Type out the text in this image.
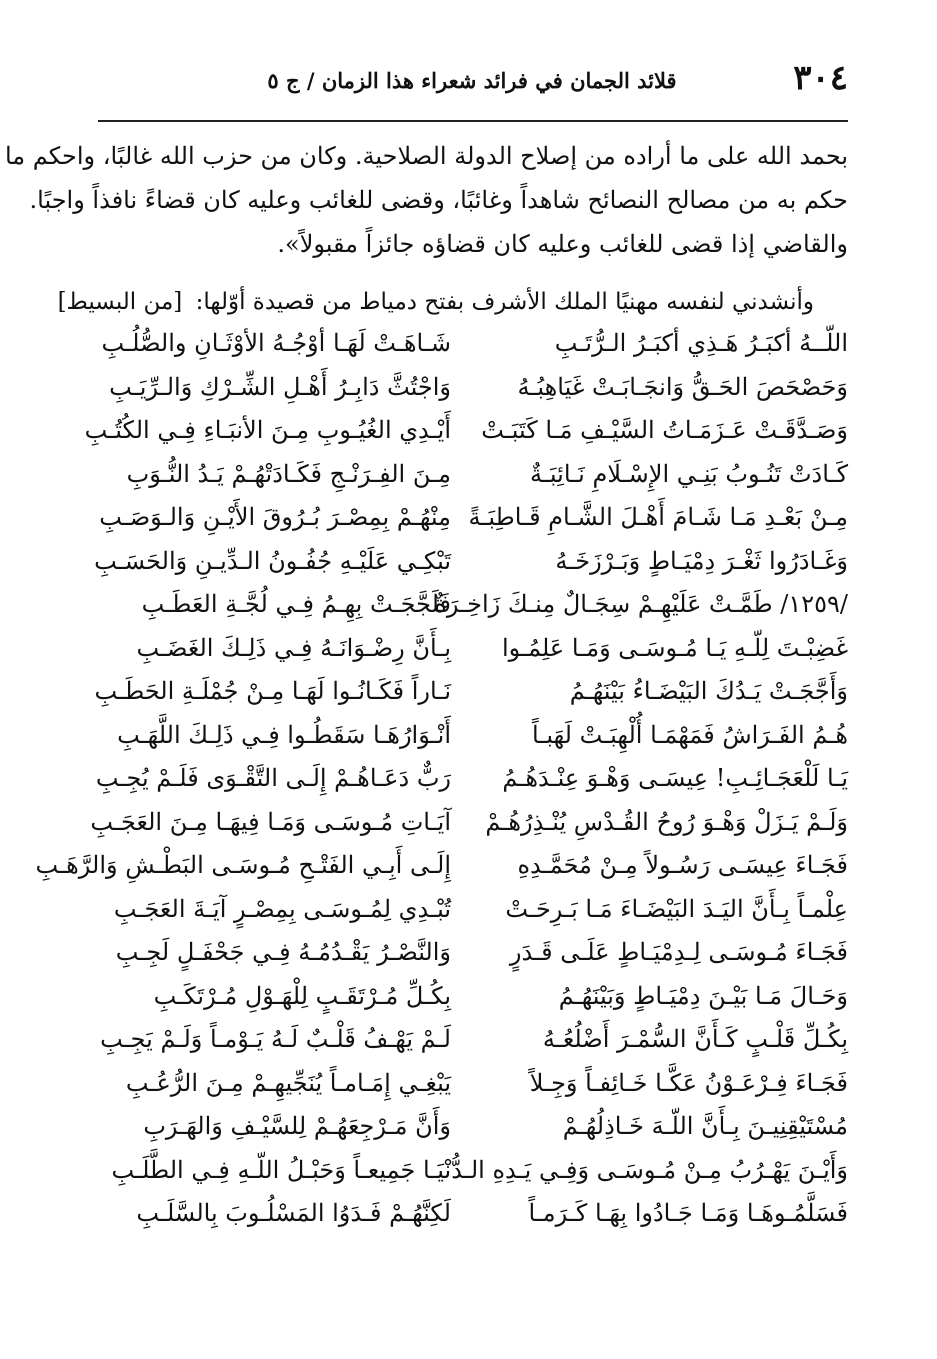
٣٠٤
قلائد الجمان في فرائد شعراء هذا الزمان / ج ٥
بحمد الله على ما أراده من إصلاح الدولة الصلاحية. وكان من حزب الله غالبًا، واحكم ما
حكم به من مصالح النصائح شاهداً وغائبًا، وقضى للغائب وعليه كان قضاءً نافذاً واجبًا.
والقاضي إذا قضى للغائب وعليه كان قضاؤه جائزاً مقبولاً».
وأنشدني لنفسه مهنيًا الملك الأشرف بفتح دمياط من قصيدة أوّلها: [من البسيط]
اللّــهُ أكبَـرُ هَـذِي أكبَـرُ الـرُّتَـبِ
شَـاهَـتْ لَهَـا أوْجُـهُ الأوْثَـانِ والصُّلُـبِ
وَحَصْحَصَ الحَـقُّ وَانجَـابَـتْ غَيَاهِبُـهُ
وَاجْتُثَّ دَابِـرُ أَهْـلِ الشِّـرْكِ وَالـرِّيَـبِ
وَصَـدَّقَـتْ عَـزَمَـاتُ السَّيْـفِ مَـا كَتَبَـتْ
أَيْـدِي الغُيُـوبِ مِـنَ الأنبَـاءِ فِـي الكُتُـبِ
كَـادَتْ تَنُـوبُ بَنِـي الإِسْـلَامِ نَـائِبَـةٌ
مِـنَ الفِـرَنْـجِ فَكَـادَتْهُـمْ يَـدُ النُّـوَبِ
مِـنْ بَعْـدِ مَـا شَـامَ أَهْـلَ الشَّـامِ قَـاطِبَـةً
مِنْهُـمْ بِمِصْـرَ بُـرُوقَ الأَيْـنِ وَالـوَصَـبِ
وَغَـادَرُوا ثَغْـرَ دِمْيَـاطٍ وَبَـرْزَخَـهُ
تَبْكِـي عَلَيْـهِ جُفُـونُ الـدِّيـنِ وَالحَسَـبِ
/١٢٥٩/ طَمَّـتْ عَلَيْهِـمْ سِجَـالٌ مِنـكَ زَاخِـرَةٌ
فَلَجَّجَـتْ بِهِـمُ فِـي لُجَّـةِ العَطَـبِ
غَضِبْـتَ لِلّـهِ يَـا مُـوسَـى وَمَـا عَلِمُـوا
بِـأَنَّ رِضْـوَانَـهُ فِـي ذَلِـكَ الغَضَـبِ
وَأَجَّجَـتْ يَـدُكَ البَيْضَـاءُ بَيْنَهُـمُ
نَـاراً فَكَـانُـوا لَهَـا مِـنْ جُمْلَـةِ الحَطَـبِ
هُـمُ الفَـرَاشُ فَمَهْمَـا أُلْهِبَـتْ لَهَبـاً
أَنْـوَارُهَـا سَقَطُـوا فِـي ذَلِـكَ اللَّهَـبِ
يَـا لَلْعَجَـائِـبِ! عِيسَـى وَهْـوَ عِنْـدَهُـمُ
رَبٌّ دَعَـاهُـمْ إِلَـى التَّقْـوَى فَلَـمْ يُجِـبِ
وَلَـمْ يَـزَلْ وَهْـوَ رُوحُ القُـدْسِ يُنْـذِرُهُـمْ
آيَـاتِ مُـوسَـى وَمَـا فِيهَـا مِـنَ العَجَـبِ
فَجَـاءَ عِيسَـى رَسُـولاً مِـنْ مُحَمَّـدِهِ
إِلَـى أَبِـي الفَتْـحِ مُـوسَـى البَطْـشِ وَالرَّهَـبِ
عِلْمـاً بِـأَنَّ اليَـدَ البَيْضَـاءَ مَـا بَـرِحَـتْ
تُبْـدِي لِمُـوسَـى بِمِصْـرٍ آيَـةَ العَجَـبِ
فَجَـاءَ مُـوسَـى لِـدِمْيَـاطٍ عَلَـى قَـدَرٍ
وَالنَّصْـرُ يَقْـدُمُـهُ فِـي جَحْفَـلٍ لَجِـبِ
وَحَـالَ مَـا بَيْـنَ دِمْيَـاطٍ وَبَيْنَهُـمُ
بِكُـلِّ مُـرْتَقَـبٍ لِلْهَـوْلِ مُـرْتَكَـبِ
بِكُـلِّ قَلْـبٍ كَـأَنَّ السُّمْـرَ أَضْلُعُـهُ
لَـمْ يَهْـفُ قَلْـبٌ لَـهُ يَـوْمـاً وَلَـمْ يَجِـبِ
فَجَـاءَ فِـرْعَـوْنُ عَكَّـا خَـائِفـاً وَجِـلاً
يَبْغِـي إِمَـامـاً يُنَجِّيهِـمْ مِـنَ الرُّعُـبِ
مُسْتَيْقِنِيـنَ بِـأَنَّ اللّـهَ خَـاذِلُهُـمْ
وَأَنَّ مَـرْجِعَهُـمْ لِلسَّيْـفِ وَالهَـرَبِ
وَأَيْـنَ يَهْـرُبُ مِـنْ مُـوسَـى وَفِـي يَـدِهِ الـدُّنْيَـا جَمِيعـاً وَحَبْـلُ اللّـهِ فِـي الطَّلَـبِ
فَسَلَّمُـوهَـا وَمَـا جَـادُوا بِهَـا كَـرَمـاً
لَكِنَّهُـمْ فَـدَوُا المَسْلُـوبَ بِالسَّلَـبِ
